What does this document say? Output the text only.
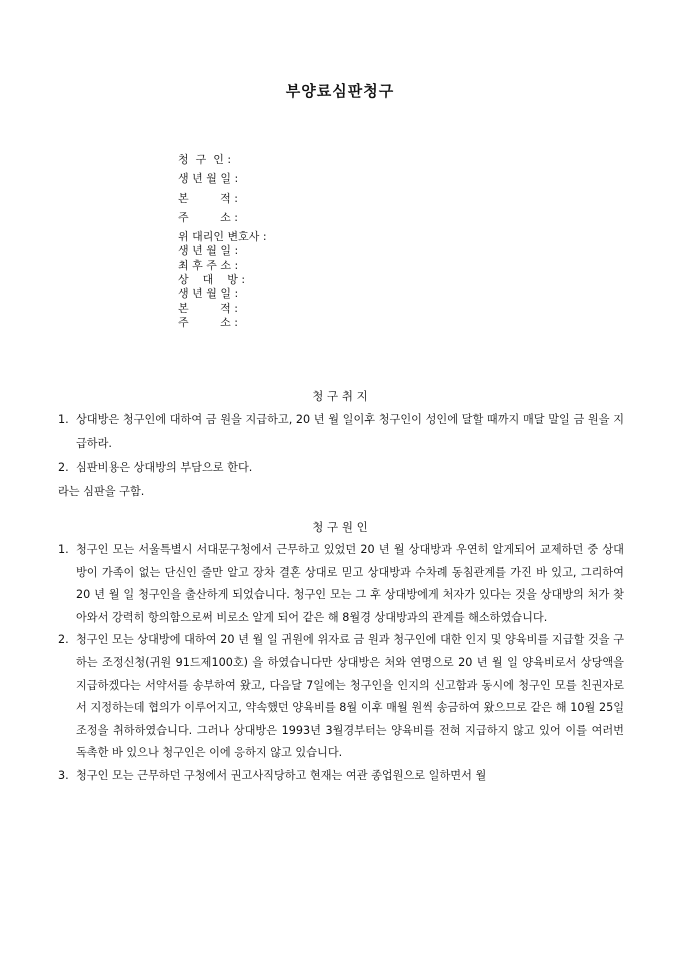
부양료심판청구
청  구  인 :
생 년 월 일 :
본         적 :
주         소 :
위 대리인 변호사 :
생 년 월 일 :
최 후 주 소 :
상    대    방 :
생 년 월 일 :
본         적 :
주         소 :
청 구 취 지
1. 상대방은 청구인에 대하여 금 원을 지급하고, 20 년 월 일이후 청구인이 성인에 달할 때까지 매달 말일 금 원을 지급하라.
2. 심판비용은 상대방의 부담으로 한다.
라는 심판을 구함.
청 구 원 인
1. 청구인 모는 서울특별시 서대문구청에서 근무하고 있었던 20 년 월 상대방과 우연히 알게되어 교제하던 중 상대방이 가족이 없는 단신인 줄만 알고 장차 결혼 상대로 믿고 상대방과 수차례 동침관계를 가진 바 있고, 그리하여 20 년 월 일 청구인을 출산하게 되었습니다. 청구인 모는 그 후 상대방에게 처자가 있다는 것을 상대방의 처가 찾아와서 강력히 항의함으로써 비로소 알게 되어 같은 해 8월경 상대방과의 관계를 해소하였습니다.
2. 청구인 모는 상대방에 대하여 20 년 월 일 귀원에 위자료 금 원과 청구인에 대한 인지 및 양육비를 지급할 것을 구하는 조정신청(귀원 91드제100호) 을 하였습니다만 상대방은 처와 연명으로 20 년 월 일 양육비로서 상당액을 지급하겠다는 서약서를 송부하여 왔고, 다음달 7일에는 청구인을 인지의 신고함과 동시에 청구인 모를 친권자로서 지정하는데 협의가 이루어지고, 약속했던 양육비를 8월 이후 매월 원씩 송금하여 왔으므로 같은 해 10월 25일 조정을 취하하였습니다. 그러나 상대방은 1993년 3월경부터는 양육비를 전혀 지급하지 않고 있어 이를 여러번 독촉한 바 있으나 청구인은 이에 응하지 않고 있습니다.
3. 청구인 모는 근무하던 구청에서 권고사직당하고 현재는 여관 종업원으로 일하면서 월
